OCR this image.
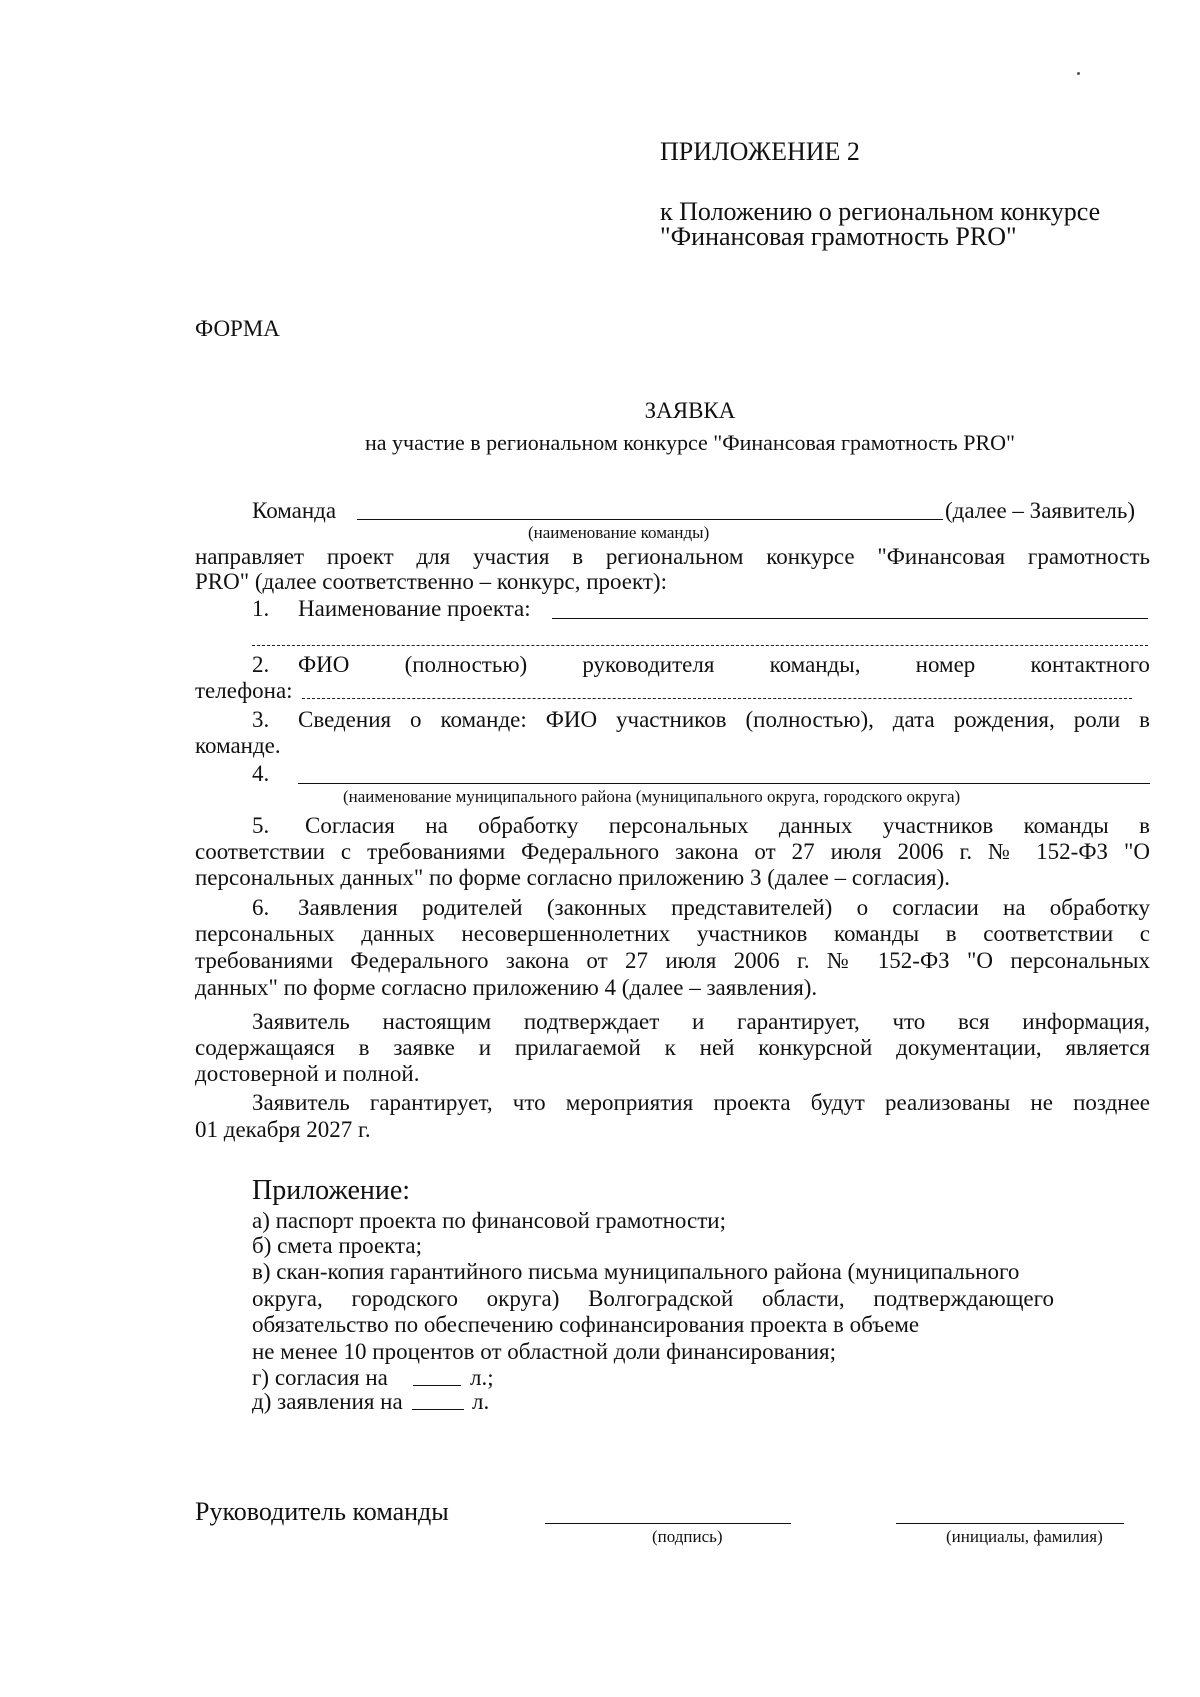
ПРИЛОЖЕНИЕ 2
к Положению о региональном конкурсе
"Финансовая грамотность PRO"
ФОРМА
ЗАЯВКА
на участие в региональном конкурсе "Финансовая грамотность PRO"
Команда	(далее – Заявитель)
(наименование команды)
направляет проект для участия в региональном конкурсе "Финансовая грамотность
PRO" (далее соответственно – конкурс, проект):
1. Наименование проекта:
2. ФИО (полностью) руководителя команды, номер контактного
телефона:
3. Сведения о команде: ФИО участников (полностью), дата рождения, роли в
команде.
4.
(наименование муниципального района (муниципального округа, городского округа)
5. Согласия на обработку персональных данных участников команды в
соответствии с требованиями Федерального закона от 27 июля 2006 г. № 152-ФЗ "О
персональных данных" по форме согласно приложению 3 (далее – согласия).
6. Заявления родителей (законных представителей) о согласии на обработку
персональных данных несовершеннолетних участников команды в соответствии с
требованиями Федерального закона от 27 июля 2006 г. № 152-ФЗ "О персональных
данных" по форме согласно приложению 4 (далее – заявления).
Заявитель настоящим подтверждает и гарантирует, что вся информация,
содержащаяся в заявке и прилагаемой к ней конкурсной документации, является
достоверной и полной.
Заявитель гарантирует, что мероприятия проекта будут реализованы не позднее
01 декабря 2027 г.
Приложение:
а) паспорт проекта по финансовой грамотности;
б) смета проекта;
в) скан-копия гарантийного письма муниципального района (муниципального
округа, городского округа) Волгоградской области, подтверждающего
обязательство по обеспечению софинансирования проекта в объеме
не менее 10 процентов от областной доли финансирования;
г) согласия на	л.;
д) заявления на	л.
Руководитель команды
(подпись)	(инициалы, фамилия)
